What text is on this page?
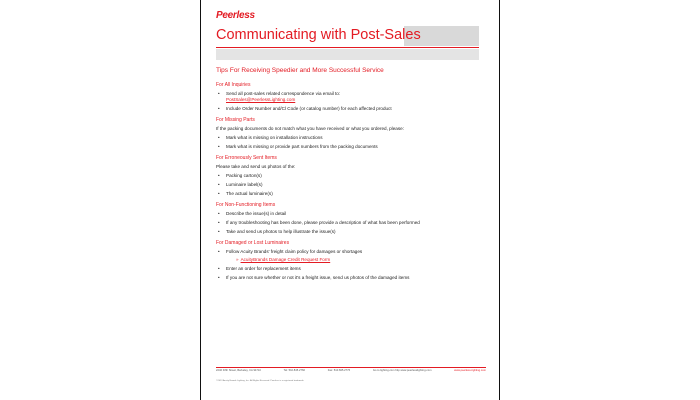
Peerless
Communicating with Post-Sales
Tips For Receiving Speedier and More Successful Service
For All Inquiries
• Send all post-sales related correspondence via email to:
PostSales@PeerlessLighting.com
• Include Order Number and/Cl Code (or catalog number) for each affected product
For Missing Parts
If the packing documents do not match what you have received or what you ordered, please:
• Mark what is missing on installation instructions
• Mark what is missing or provide part numbers from the packing documents
For Erroneously Sent Items
Please take and send us photos of the:
• Packing carton(s)
• Luminaire label(s)
• The actual luminaire(s)
For Non-Functioning Items
• Describe the issue(s) in detail
• If any troubleshooting has been done, please provide a description of what has been performed
• Take and send us photos to help illustrate the issue(s)
For Damaged or Lost Luminaires
• Follow Acuity Brands' freight claim policy for damages or shortages
» AcuityBrands Damage Credit Request Form
• Enter an order for replacement items
• If you are not sure whether or not it's a freight issue, send us photos of the damaged items
2246 Fifth Street, Berkeley, CA 94710	Tel: 510.845.2760	Fax: 510.845.2776	Go to lighting.com http www.peerlesslighting.com	www.peerless-lighting.com
©2013 Acuity Brands Lighting, Inc. All Rights Reserved. Peerless is a registered trademark
